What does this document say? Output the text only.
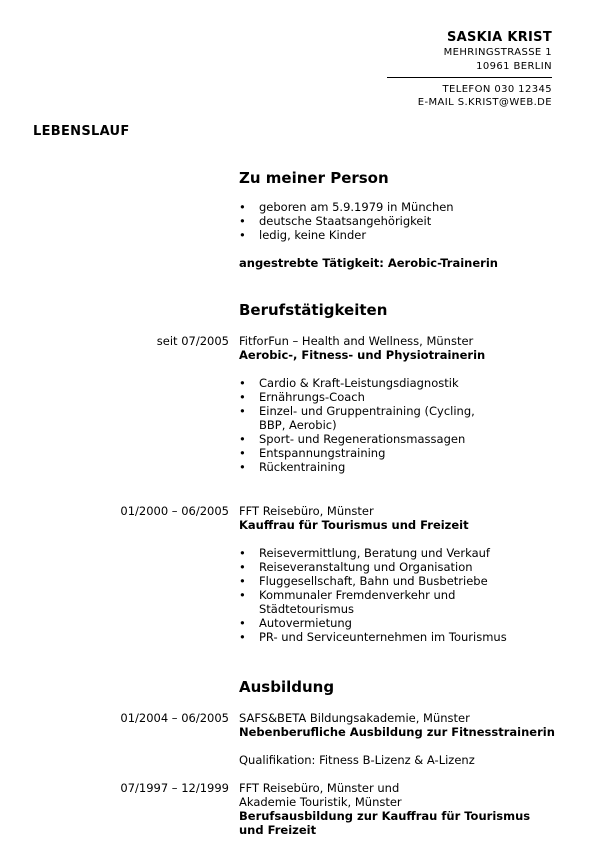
SASKIA KRIST
MEHRINGSTRASSE 1
10961 BERLIN
TELEFON 030 12345
E-MAIL S.KRIST@WEB.DE
LEBENSLAUF
Zu meiner Person
• geboren am 5.9.1979 in München
• deutsche Staatsangehörigkeit
• ledig, keine Kinder
angestrebte Tätigkeit: Aerobic-Trainerin
Berufstätigkeiten
seit 07/2005 FitforFun – Health and Wellness, Münster
Aerobic-, Fitness- und Physiotrainerin
• Cardio & Kraft-Leistungsdiagnostik
• Ernährungs-Coach
• Einzel- und Gruppentraining (Cycling, BBP, Aerobic)
• Sport- und Regenerationsmassagen
• Entspannungstraining
• Rückentraining
01/2000 – 06/2005 FFT Reisebüro, Münster
Kauffrau für Tourismus und Freizeit
• Reisevermittlung, Beratung und Verkauf
• Reiseveranstaltung und Organisation
• Fluggesellschaft, Bahn und Busbetriebe
• Kommunaler Fremdenverkehr und Städtetourismus
• Autovermietung
• PR- und Serviceunternehmen im Tourismus
Ausbildung
01/2004 – 06/2005 SAFS&BETA Bildungsakademie, Münster
Nebenberufliche Ausbildung zur Fitnesstrainerin
Qualifikation: Fitness B-Lizenz & A-Lizenz
07/1997 – 12/1999 FFT Reisebüro, Münster und
Akademie Touristik, Münster
Berufsausbildung zur Kauffrau für Tourismus und Freizeit
